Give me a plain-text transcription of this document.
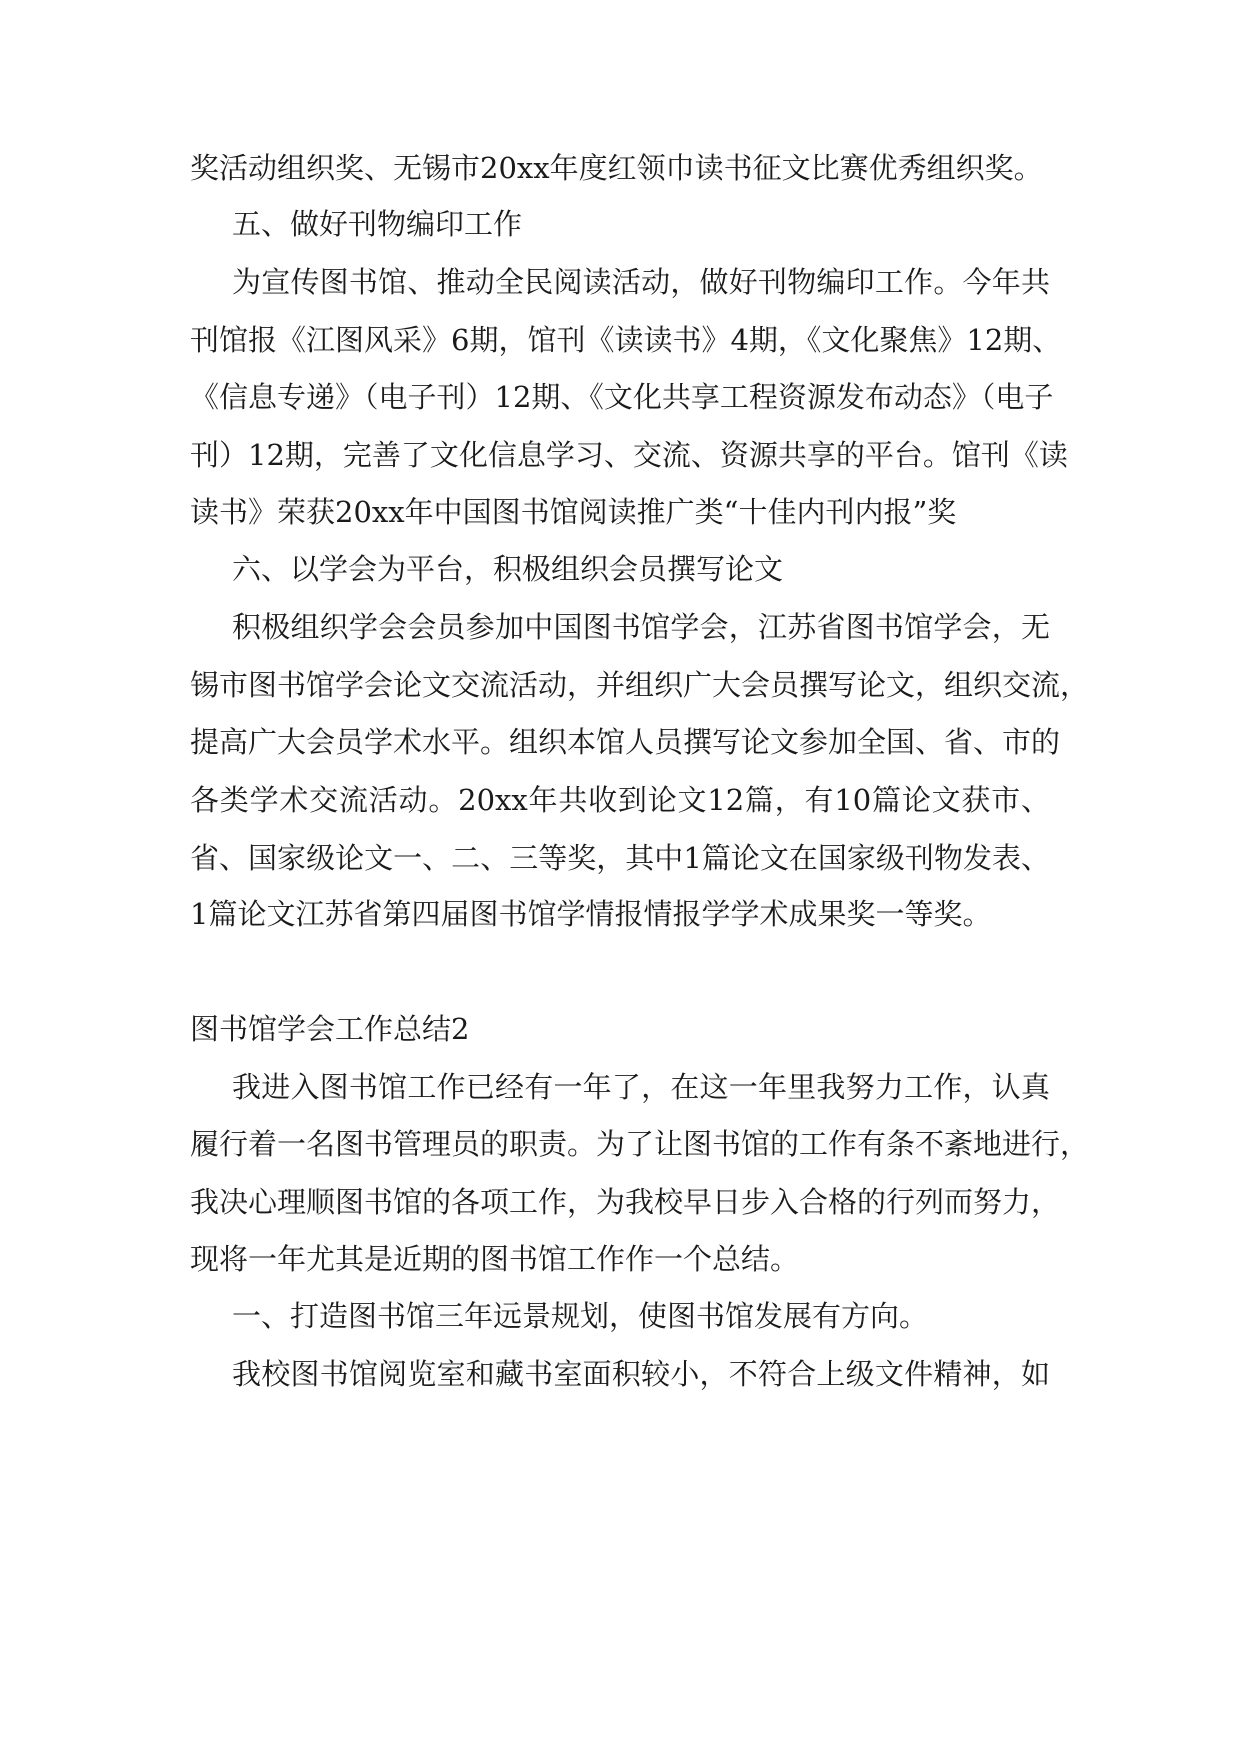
奖活动组织奖、无锡市20xx年度红领巾读书征文比赛优秀组织奖。
五、做好刊物编印工作
为宣传图书馆、推动全民阅读活动，做好刊物编印工作。今年共
刊馆报《江图风采》6期，馆刊《读读书》4期，《文化聚焦》12期、
《信息专递》（电子刊）12期、《文化共享工程资源发布动态》（电子
刊）12期，完善了文化信息学习、交流、资源共享的平台。馆刊《读
读书》荣获20xx年中国图书馆阅读推广类“十佳内刊内报”奖
六、以学会为平台，积极组织会员撰写论文
积极组织学会会员参加中国图书馆学会，江苏省图书馆学会，无
锡市图书馆学会论文交流活动，并组织广大会员撰写论文，组织交流，
提高广大会员学术水平。组织本馆人员撰写论文参加全国、省、市的
各类学术交流活动。20xx年共收到论文12篇，有10篇论文获市、
省、国家级论文一、二、三等奖，其中1篇论文在国家级刊物发表、
1篇论文江苏省第四届图书馆学情报情报学学术成果奖一等奖。
图书馆学会工作总结2
我进入图书馆工作已经有一年了，在这一年里我努力工作，认真
履行着一名图书管理员的职责。为了让图书馆的工作有条不紊地进行，
我决心理顺图书馆的各项工作，为我校早日步入合格的行列而努力，
现将一年尤其是近期的图书馆工作作一个总结。
一、打造图书馆三年远景规划，使图书馆发展有方向。
我校图书馆阅览室和藏书室面积较小，不符合上级文件精神，如
